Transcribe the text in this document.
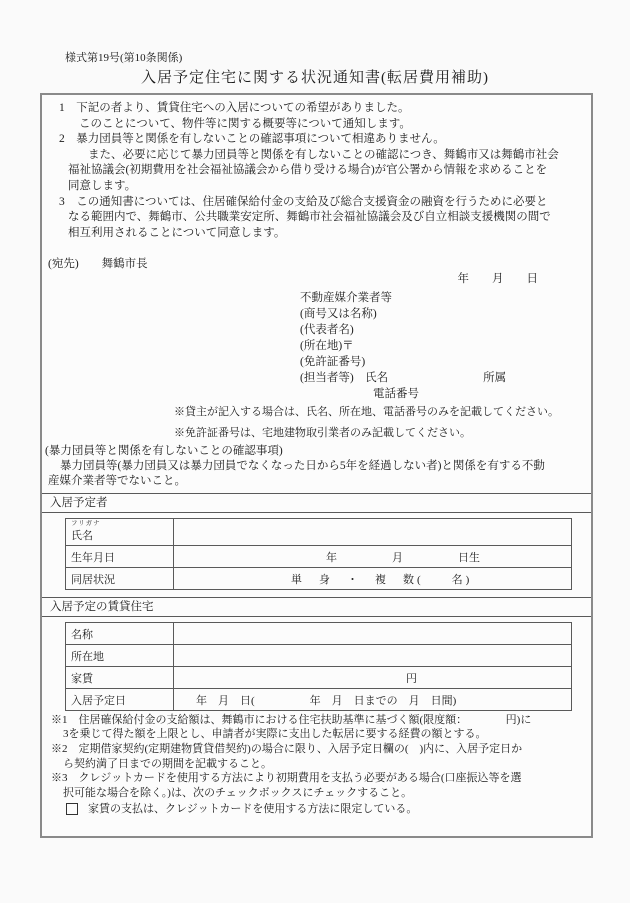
様式第19号(第10条関係)
入居予定住宅に関する状況通知書(転居費用補助)
1　下記の者より、賃貸住宅への入居についての希望がありました。
このことについて、物件等に関する概要等について通知します。
2　暴力団員等と関係を有しないことの確認事項について相違ありません。
また、必要に応じて暴力団員等と関係を有しないことの確認につき、舞鶴市又は舞鶴市社会
福祉協議会(初期費用を社会福祉協議会から借り受ける場合)が官公署から情報を求めることを
同意します。
3　この通知書については、住居確保給付金の支給及び総合支援資金の融資を行うために必要と
なる範囲内で、舞鶴市、公共職業安定所、舞鶴市社会福祉協議会及び自立相談支援機関の間で
相互利用されることについて同意します。
(宛先)　　舞鶴市長
年　　月　　日
不動産媒介業者等
(商号又は名称)
(代表者名)
(所在地)〒
(免許証番号)
(担当者等)　氏名	所属
電話番号
※貸主が記入する場合は、氏名、所在地、電話番号のみを記載してください。
※免許証番号は、宅地建物取引業者のみ記載してください。
(暴力団員等と関係を有しないことの確認事項)
暴力団員等(暴力団員又は暴力団員でなくなった日から5年を経過しない者)と関係を有する不動
産媒介業者等でないこと。
入居予定者
フリガナ
氏名
生年月日	年　　　　　月　　　　　日生
同居状況	単　身　・　複　数(　　名)
入居予定の賃貸住宅
名称
所在地
家賃	円
入居予定日	年　月　日(　　　　　年　月　日までの　月　日間)
※1　住居確保給付金の支給額は、舞鶴市における住宅扶助基準に基づく額(限度額：　　　　円)に
3を乗じて得た額を上限とし、申請者が実際に支出した転居に要する経費の額とする。
※2　定期借家契約(定期建物賃貸借契約)の場合に限り、入居予定日欄の(　)内に、入居予定日か
ら契約満了日までの期間を記載すること。
※3　クレジットカードを使用する方法により初期費用を支払う必要がある場合(口座振込等を選
択可能な場合を除く。)は、次のチェックボックスにチェックすること。
家賃の支払は、クレジットカードを使用する方法に限定している。
